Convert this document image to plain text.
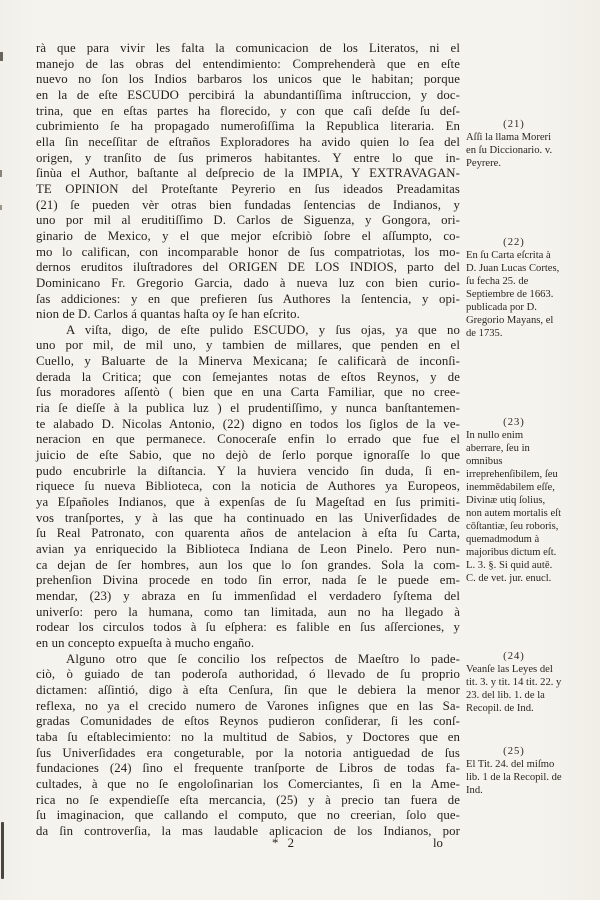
rà que para vivir les falta la comunicacion de los Literatos, ni el
manejo de las obras del entendimiento: Comprehenderà que en eſte
nuevo no ſon los Indios barbaros los unicos que le habitan; porque
en la de eſte ESCUDO percibirá la abundantiſſima inſtruccion, y doc-
trina, que en eſtas partes ha florecido, y con que caſi deſde ſu deſ-
cubrimiento ſe ha propagado numeroſiſſima la Republica literaria. En
ella ſin neceſſitar de eſtraños Exploradores ha avido quien lo ſea del
origen, y tranſito de ſus primeros habitantes. Y entre lo que in-
ſinùa el Author, baſtante al deſprecio de la IMPIA, Y EXTRAVAGAN-
TE OPINION del Proteſtante Peyrerio en ſus ideados Preadamitas
(21) ſe pueden vèr otras bien fundadas ſentencias de Indianos, y
uno por mil al eruditiſſimo D. Carlos de Siguenza, y Gongora, ori-
ginario de Mexico, y el que mejor eſcribiò ſobre el aſſumpto, co-
mo lo califican, con incomparable honor de ſus compatriotas, los mo-
dernos eruditos iluſtradores del ORIGEN DE LOS INDIOS, parto del
Dominicano Fr. Gregorio Garcia, dado à nueva luz con bien curio-
ſas addiciones: y en que prefieren ſus Authores la ſentencia, y opi-
nion de D. Carlos á quantas haſta oy ſe han eſcrito.
A viſta, digo, de eſte pulido ESCUDO, y ſus ojas, ya que no
uno por mil, de mil uno, y tambien de millares, que penden en el
Cuello, y Baluarte de la Minerva Mexicana; ſe calificarà de inconſi-
derada la Critica; que con ſemejantes notas de eſtos Reynos, y de
ſus moradores aſſentò ( bien que en una Carta Familiar, que no cree-
ria ſe dieſſe à la publica luz ) el prudentiſſimo, y nunca banſtantemen-
te alabado D. Nicolas Antonio, (22) digno en todos los ſiglos de la ve-
neracion en que permanece. Conoceraſe enfin lo errado que fue el
juicio de eſte Sabio, que no dejò de ſerlo porque ignoraſſe lo que
pudo encubrirle la diſtancia. Y la huviera vencido ſin duda, ſi en-
riquece ſu nueva Biblioteca, con la noticia de Authores ya Europeos,
ya Eſpañoles Indianos, que à expenſas de ſu Mageſtad en ſus primiti-
vos tranſportes, y à las que ha continuado en las Univerſidades de
ſu Real Patronato, con quarenta años de antelacion à eſta ſu Carta,
avian ya enriquecido la Biblioteca Indiana de Leon Pinelo. Pero nun-
ca dejan de ſer hombres, aun los que lo ſon grandes. Sola la com-
prehenſion Divina procede en todo ſin error, nada ſe le puede em-
mendar, (23) y abraza en ſu immenſidad el verdadero ſyſtema del
univerſo: pero la humana, como tan limitada, aun no ha llegado à
rodear los circulos todos à ſu eſphera: es falible en ſus aſſerciones, y
en un concepto expueſta à mucho engaño.
Alguno otro que ſe concilio los reſpectos de Maeſtro lo pade-
ciò, ò guiado de tan poderoſa authoridad, ó llevado de ſu proprio
dictamen: aſſintió, digo à eſta Cenſura, ſin que le debiera la menor
reflexa, no ya el crecido numero de Varones inſignes que en las Sa-
gradas Comunidades de eſtos Reynos pudieron conſiderar, ſi les conſ-
taba ſu eſtablecimiento: no la multitud de Sabios, y Doctores que en
ſus Univerſidades era congeturable, por la notoria antiguedad de ſus
fundaciones (24) ſino el frequente tranſporte de Libros de todas fa-
cultades, à que no ſe engoloſinarian los Comerciantes, ſi en la Ame-
rica no ſe expendieſſe eſta mercancia, (25) y à precio tan fuera de
ſu imaginacion, que callando el computo, que no creerian, ſolo que-
da ſin controverſia, la mas laudable aplicacion de los Indianos, por
(21)
Aſſi la llama Moreri en ſu Diccionario. v. Peyrere.
(22)
En ſu Carta eſcrita à D. Juan Lucas Cortes, ſu fecha 25. de Septiembre de 1663. publicada por D. Gregorio Mayans, el de 1735.
(23)
In nullo enim aberrare, ſeu in omnibus irreprehenſibilem, ſeu inemmēdabilem eſſe, Divinæ utiq ſolius, non autem mortalis eſt cōſtantiæ, ſeu roboris, quemadmodum à majoribus dictum eſt. L. 3. §. Si quid autē. C. de vet. jur. enucl.
(24)
Veanſe las Leyes del tit. 3. y tit. 14 tit. 22. y 23. del lib. 1. de la Recopil. de Ind.
(25)
El Tit. 24. del miſmo lib. 1 de la Recopil. de Ind.
* 2	lo
